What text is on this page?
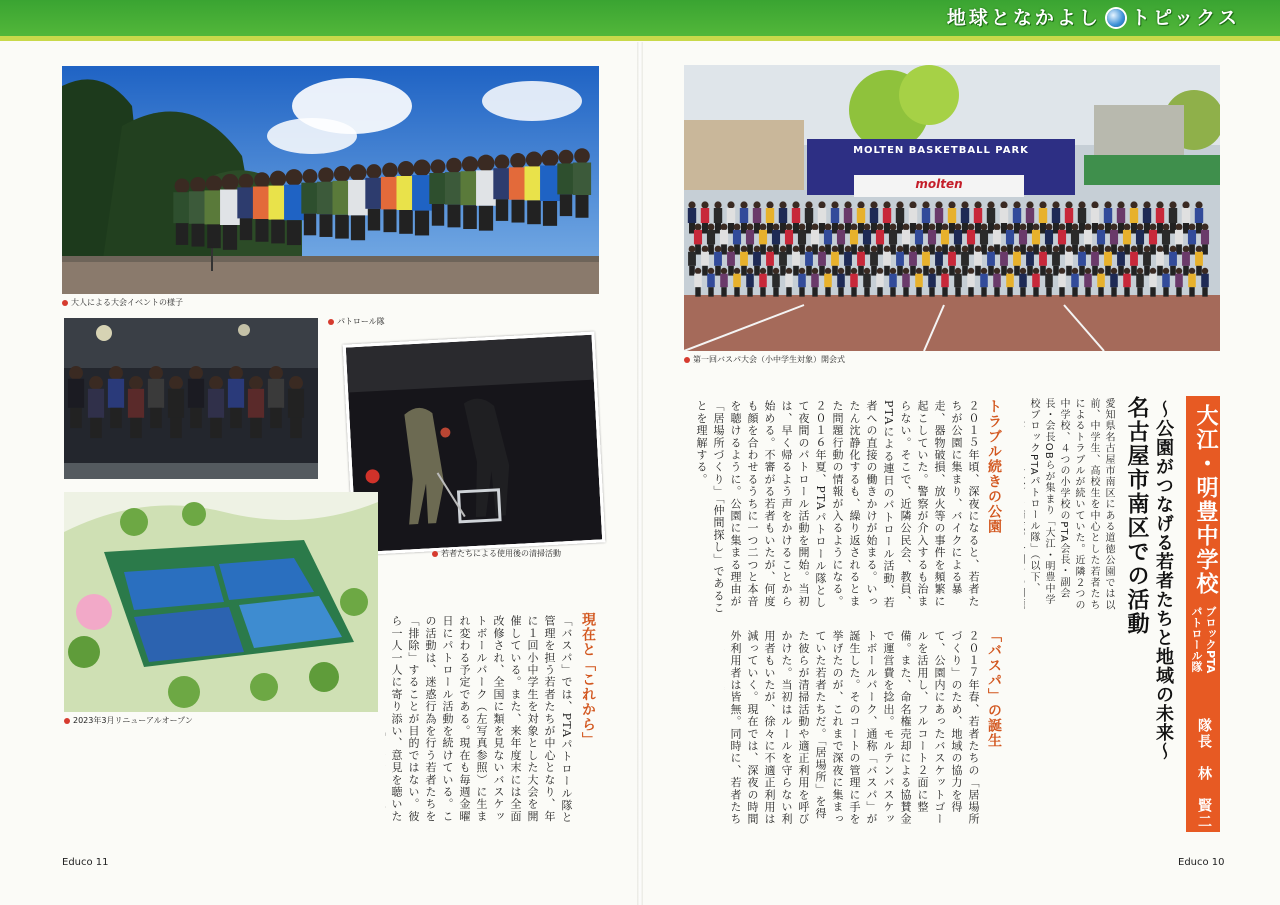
地球となかよし トピックス
大人による大会イベントの様子
パトロール隊
若者たちによる使用後の清掃活動
2023年3月リニューアルオープン	現在と「これから」
「バスパ」では、PTAパトロール隊と管理を担う若者たちが中心となり、年に１回小中学生を対象とした大会を開催している。また、来年度末には全面改修され、全国に類を見ないバスケットボールパーク（左写真参照）に生まれ変わる予定である。現在も毎週金曜日にパトロール活動を続けている。この活動は、迷惑行為を行う若者たちを「排除」することが目的ではない。彼ら一人一人に寄り添い、意見を聴いた
Educo 11
MOLTEN BASKETBALL PARK
molten
第一回バスパ大会（小中学生対象）開会式
大江・明豊中学校
ブロックPTA
パトロール隊
隊長　林　賢二
名古屋市南区での活動 〜公園がつなげる若者たちと地域の未来〜
愛知県名古屋市南区にある道徳公園では以前、中学生、高校生を中心とした若者たちによるトラブルが続いていた。近隣２つの中学校、４つの小学校のPTA会長・副会長・会長OBらが集まり「大江・明豊中学校ブロックPTAパトロール隊」（以下、
トラブル続きの公園
２０１５年頃、深夜になると、若者たちが公園に集まり、バイクによる暴走、器物破損、放火等の事件を頻繁に起こしていた。警察が介入するも治まらない。そこで、近隣公民会、教員、PTAによる連日のパトロール活動、若者への直接の働きかけが始まる。いったん沈静化するも、繰り返されるとまた問題行動の情報が入るようになる。２０１６年夏、PTAパトロール隊として夜間のパトロール活動を開始。当初は、早く帰るよう声をかけることから始める。不審がる若者もいたが、何度も顔を合わせるうちに一つ二つと本音を聴けるように。公園に集まる理由が「居場所づくり」「仲間探し」であることを理解する。
「バスパ」の誕生
２０１７年春、若者たちの「居場所づくり」のため、地域の協力を得て、公園内にあったバスケットゴールを活用し、フルコート２面に整備。また、命名権売却による協賛金で運営費を捻出。モルテンバスケットボールパーク、通称「バスパ」が誕生した。そのコートの管理に手を挙げたのが、これまで深夜に集まっていた若者たちだ。「居場所」を得た彼らが清掃活動や適正利用を呼びかけた。当初はルールを守らない利用者もいたが、徐々に不適正利用は減っていく。現在では、深夜の時間外利用者は皆無。同時に、若者たち
Educo 10
